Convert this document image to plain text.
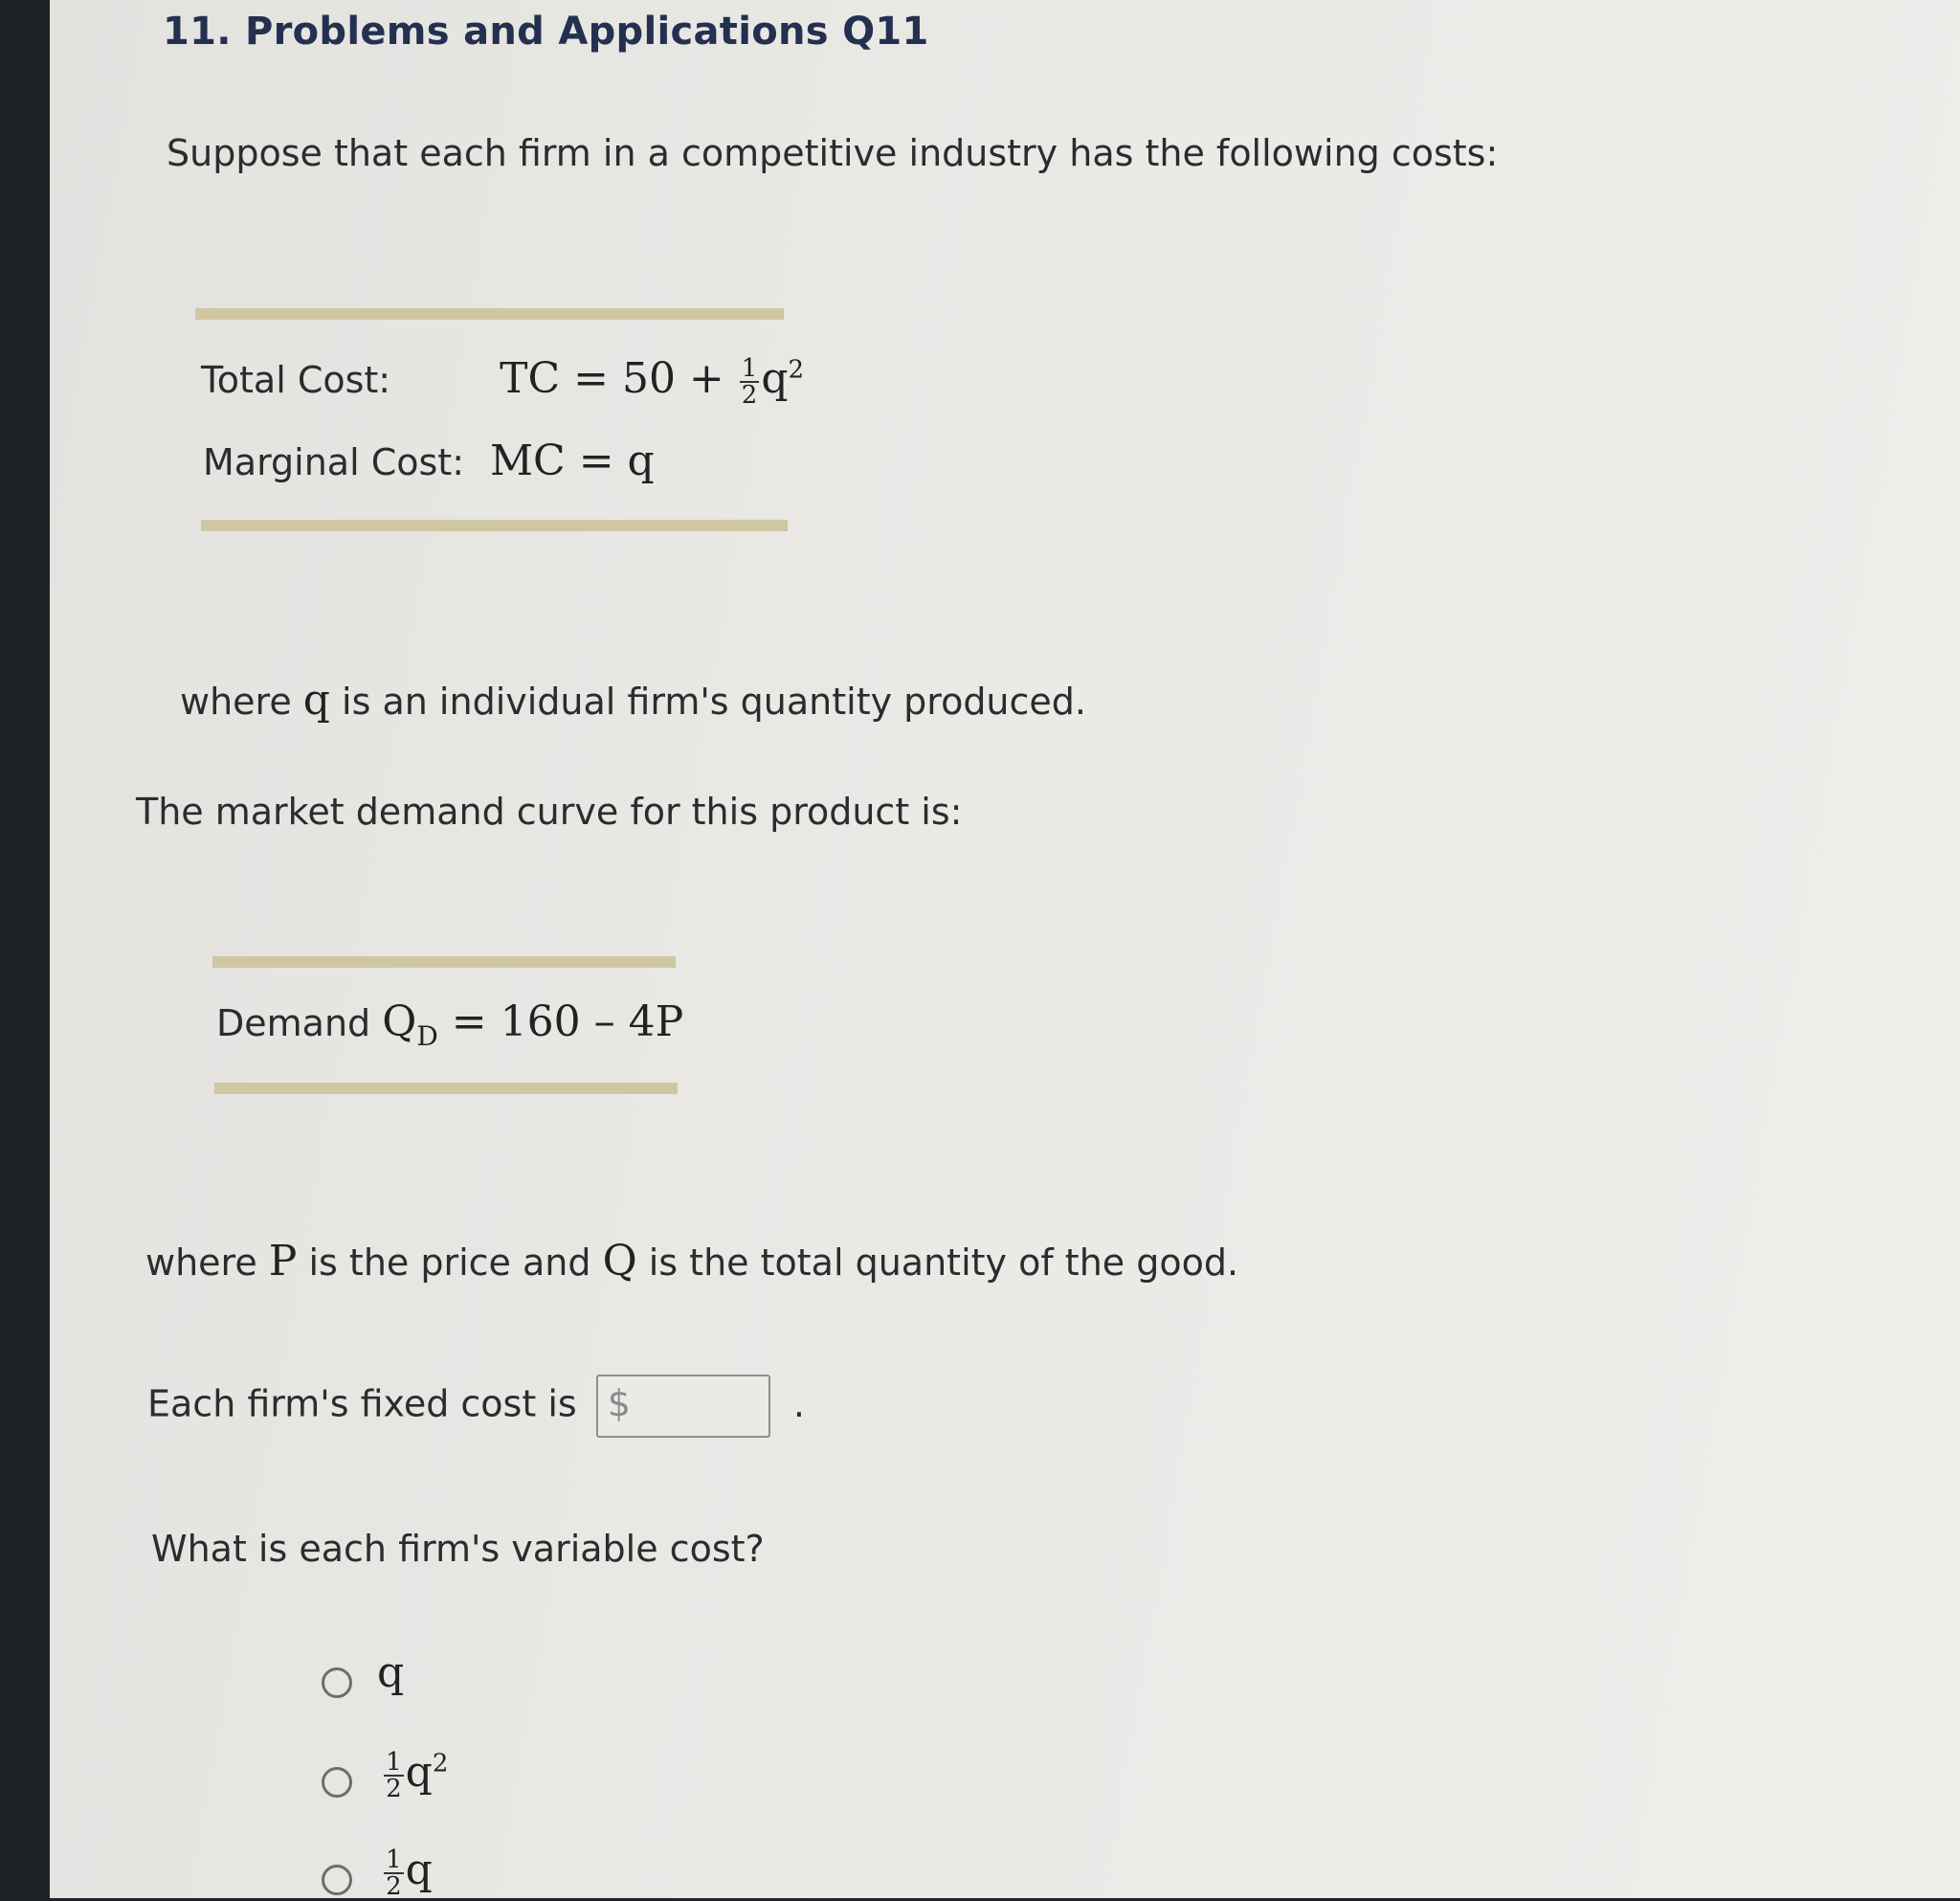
11. Problems and Applications Q11
Suppose that each firm in a competitive industry has the following costs:
Total Cost:	TC = $50 + \frac{1}{2} q^2$
Marginal Cost: MC = q
where q is an individual firm's quantity produced.
The market demand curve for this product is:
Demand $Q_D = 160 - 4P$
where P is the price and Q is the total quantity of the good.
Each firm's fixed cost is $	.
What is each firm's variable cost?
q

$\frac{1}{2} q^2$

$\frac{1}{2}$ q
